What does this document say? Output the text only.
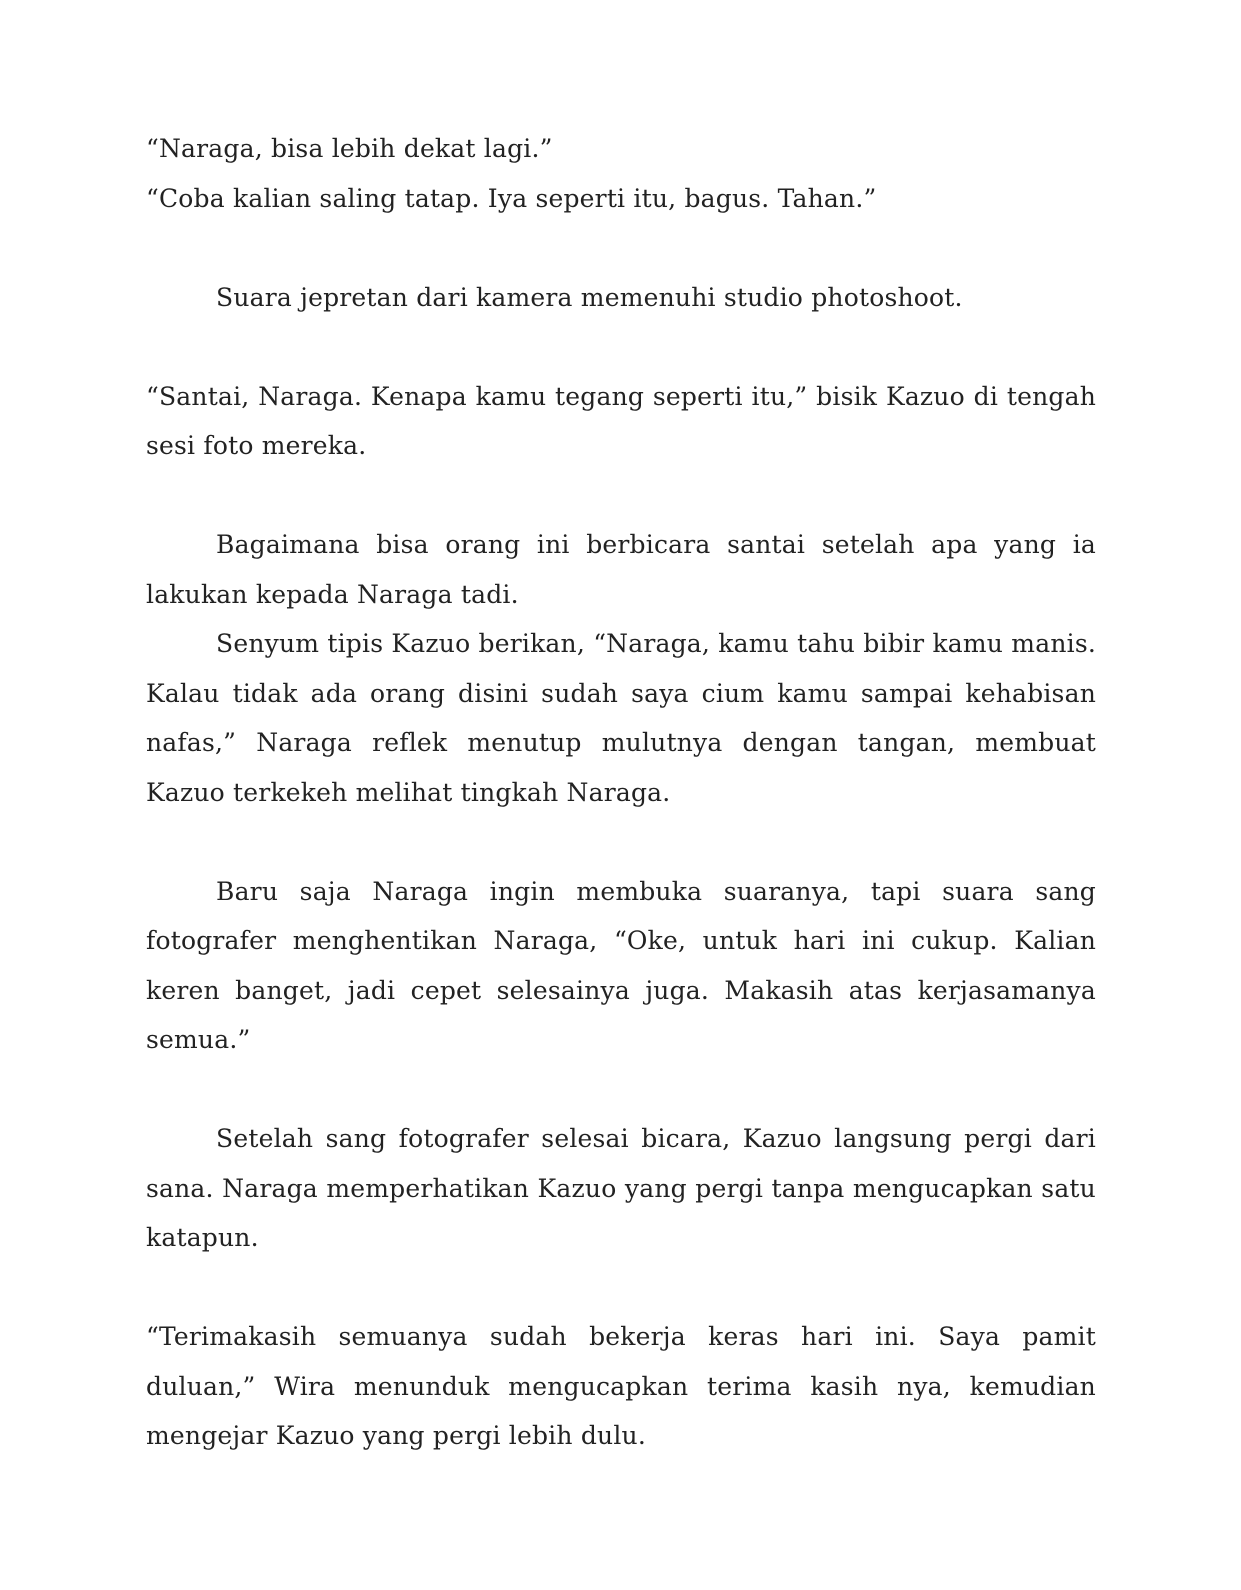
“Naraga, bisa lebih dekat lagi.”

“Coba kalian saling tatap. Iya seperti itu, bagus. Tahan.”

Suara jepretan dari kamera memenuhi studio photoshoot.

“Santai, Naraga. Kenapa kamu tegang seperti itu,” bisik Kazuo di tengah sesi foto mereka.

Bagaimana bisa orang ini berbicara santai setelah apa yang ia lakukan kepada Naraga tadi.

Senyum tipis Kazuo berikan, “Naraga, kamu tahu bibir kamu manis. Kalau tidak ada orang disini sudah saya cium kamu sampai kehabisan nafas,” Naraga reflek menutup mulutnya dengan tangan, membuat Kazuo terkekeh melihat tingkah Naraga.

Baru saja Naraga ingin membuka suaranya, tapi suara sang fotografer menghentikan Naraga, “Oke, untuk hari ini cukup. Kalian keren banget, jadi cepet selesainya juga. Makasih atas kerjasamanya semua.”

Setelah sang fotografer selesai bicara, Kazuo langsung pergi dari sana. Naraga memperhatikan Kazuo yang pergi tanpa mengucapkan satu katapun.

“Terimakasih semuanya sudah bekerja keras hari ini. Saya pamit duluan,” Wira menunduk mengucapkan terima kasih nya, kemudian mengejar Kazuo yang pergi lebih dulu.
